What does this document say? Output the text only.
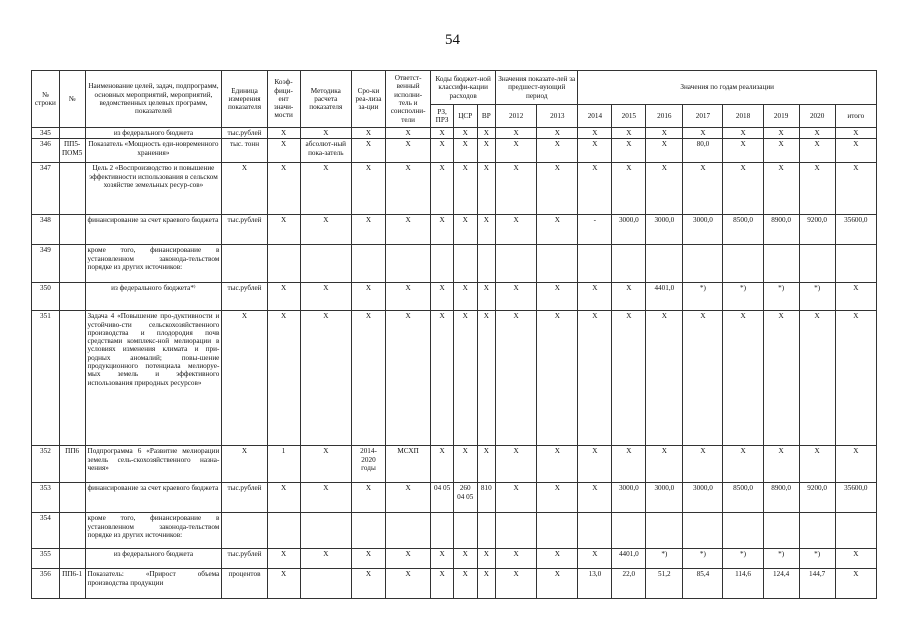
54
№ строки	№	Наименование целей, задач, подпрограмм, основных мероприятий, мероприятий, ведомственных целевых программ, показателей	Единица измерения показателя	Коэф-фици-ент значи-мости	Методика расчета показателя	Сро-ки реа-лиза за-ции	Ответст-венный исполни-тель и соисполни-тели	Коды бюджет-ной классифи-кации расходов			Значения показате-лей за предшест-вующий период		Значения по годам реализации							
								РЗ, ПРЗ	ЦСР	ВР	2012	2013	2014	2015	2016	2017	2018	2019	2020	итого
345		из федерального бюджета	тыс.рублей	X	X	X	X	X	X	X	X	X	X	X	X	X	X	X	X	X
346	ПП5-ПОМ5	Показатель «Мощность еди-новременного хранения»	тыс. тонн	X	абсолют-ный пока-затель	X	X	X	X	X	X	X	X	X	X	80,0	X	X	X	X
347		Цель 2 «Воспроизводство и повышение эффективности использования в сельском хозяйстве земельных ресур-сов»	X	X	X	X	X	X	X	X	X	X	X	X	X	X	X	X	X	X
348		финансирование за счет краевого бюджета	тыс.рублей	X	X	X	X	X	X	X	X	X	-	3000,0	3000,0	3000,0	8500,0	8900,0	9200,0	35600,0
349		кроме того, финансирование в установленном законода-тельством порядке из других источников:																		
350		из федерального бюджета*⁾	тыс.рублей	X	X	X	X	X	X	X	X	X	X	X	4401,0	*)	*)	*)	*)	X
351		Задача 4 «Повышение про-дуктивности и устойчиво-сти сельскохозяйственного производства и плодородия почв средствами комплекс-ной мелиорации в условиях изменения климата и при-родных аномалий; повы-шение продукционного потенциала мелиоруе-мых земель и эффективного использования природных ресурсов»	X	X	X	X	X	X	X	X	X	X	X	X	X	X	X	X	X	X
352	ПП6	Подпрограмма 6 «Развитие мелиорации земель сель-скохозяйственного назна-чения»	X	1	X	2014-2020 годы	МСХП	X	X	X	X	X	X	X	X	X	X	X	X	X
353		финансирование за счет краевого бюджета	тыс.рублей	X	X	X	X	04 05	260 04 05	810	X	X	X	3000,0	3000,0	3000,0	8500,0	8900,0	9200,0	35600,0
354		кроме того, финансирование в установленном законода-тельством порядке из других источников:																		
355		из федерального бюджета	тыс.рублей	X	X	X	X	X	X	X	X	X	X	4401,0	*)	*)	*)	*)	*)	X
356	ПП6-1	Показатель: «Прирост объема производства продукции	процентов	X		X	X	X	X	X	X	X	13,0	22,0	51,2	85,4	114,6	124,4	144,7	X
